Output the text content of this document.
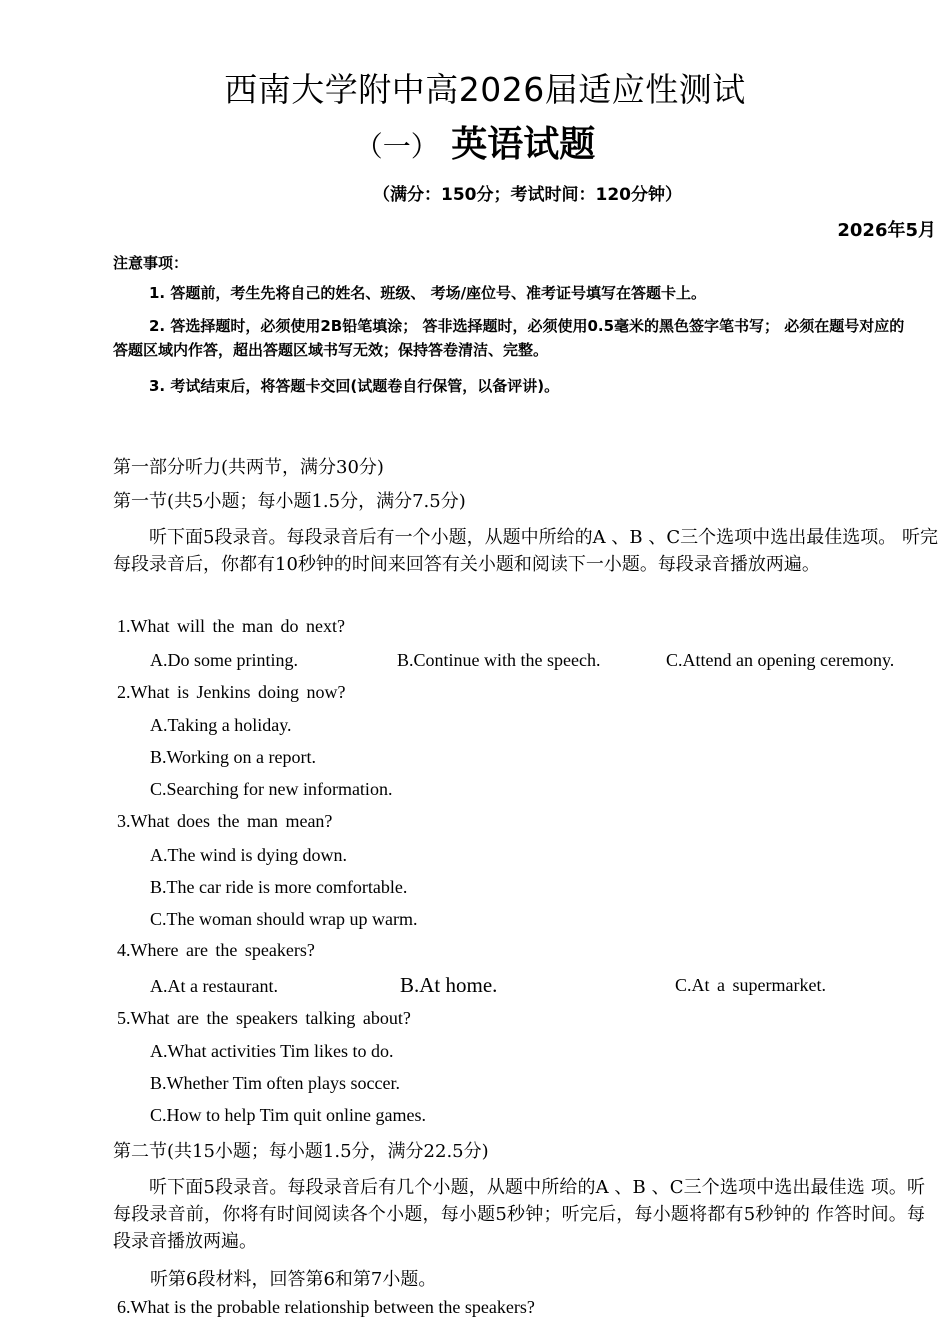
西南大学附中高2026届适应性测试
（一） 英语试题
（满分：150分；考试时间：120分钟）
2026年5月
注意事项：
1. 答题前，考生先将自己的姓名、班级、 考场/座位号、准考证号填写在答题卡上。
2. 答选择题时，必须使用2B铅笔填涂； 答非选择题时，必须使用0.5毫米的黑色签字笔书写； 必须在题号对应的答题区域内作答，超出答题区域书写无效；保持答卷清洁、完整。
3. 考试结束后，将答题卡交回(试题卷自行保管，以备评讲)。
第一部分听力(共两节，满分30分)
第一节(共5小题；每小题1.5分，满分7.5分)
听下面5段录音。每段录音后有一个小题，从题中所给的A 、B 、C三个选项中选出最佳选项。 听完每段录音后，你都有10秒钟的时间来回答有关小题和阅读下一小题。每段录音播放两遍。
1.What will the man do next?
A.Do some printing.	B.Continue with the speech.	C.Attend an opening ceremony.
2.What is Jenkins doing now?
A.Taking a holiday.
B.Working on a report.
C.Searching for new information.
3.What does the man mean?
A.The wind is dying down.
B.The car ride is more comfortable.
C.The woman should wrap up warm.
4.Where are the speakers?
A.At a restaurant.	B.At home.	C.At a supermarket.
5.What are the speakers talking about?
A.What activities Tim likes to do.
B.Whether Tim often plays soccer.
C.How to help Tim quit online games.
第二节(共15小题；每小题1.5分，满分22.5分)
听下面5段录音。每段录音后有几个小题，从题中所给的A 、B 、C三个选项中选出最佳选 项。听每段录音前，你将有时间阅读各个小题，每小题5秒钟；听完后，每小题将都有5秒钟的 作答时间。每段录音播放两遍。
听第6段材料，回答第6和第7小题。
6.What is the probable relationship between the speakers?
